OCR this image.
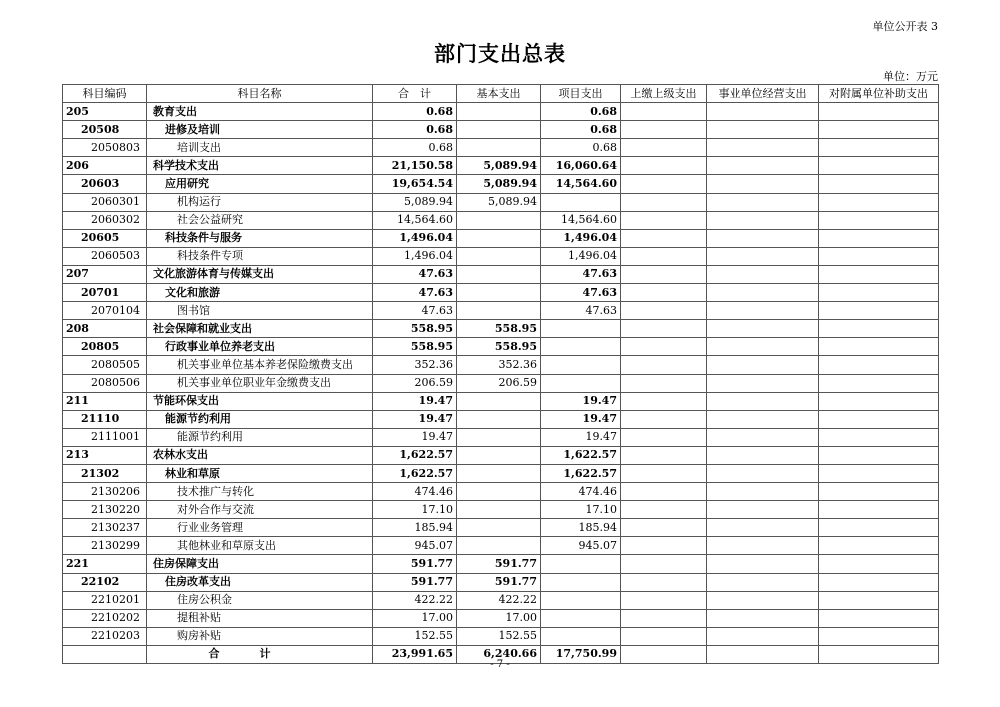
单位公开表 3
部门支出总表
单位：万元
科目编码	科目名称	合　计	基本支出	项目支出	上缴上级支出	事业单位经营支出	对附属单位补助支出
205	教育支出	0.68		0.68			
20508	进修及培训	0.68		0.68			
2050803	培训支出	0.68		0.68			
206	科学技术支出	21,150.58	5,089.94	16,060.64			
20603	应用研究	19,654.54	5,089.94	14,564.60			
2060301	机构运行	5,089.94	5,089.94				
2060302	社会公益研究	14,564.60		14,564.60			
20605	科技条件与服务	1,496.04		1,496.04			
2060503	科技条件专项	1,496.04		1,496.04			
207	文化旅游体育与传媒支出	47.63		47.63			
20701	文化和旅游	47.63		47.63			
2070104	图书馆	47.63		47.63			
208	社会保障和就业支出	558.95	558.95				
20805	行政事业单位养老支出	558.95	558.95				
2080505	机关事业单位基本养老保险缴费支出	352.36	352.36				
2080506	机关事业单位职业年金缴费支出	206.59	206.59				
211	节能环保支出	19.47		19.47			
21110	能源节约利用	19.47		19.47			
2111001	能源节约利用	19.47		19.47			
213	农林水支出	1,622.57		1,622.57			
21302	林业和草原	1,622.57		1,622.57			
2130206	技术推广与转化	474.46		474.46			
2130220	对外合作与交流	17.10		17.10			
2130237	行业业务管理	185.94		185.94			
2130299	其他林业和草原支出	945.07		945.07			
221	住房保障支出	591.77	591.77				
22102	住房改革支出	591.77	591.77				
2210201	住房公积金	422.22	422.22				
2210202	提租补贴	17.00	17.00				
2210203	购房补贴	152.55	152.55				
	合计	23,991.65	6,240.66	17,750.99			
- 7 -
